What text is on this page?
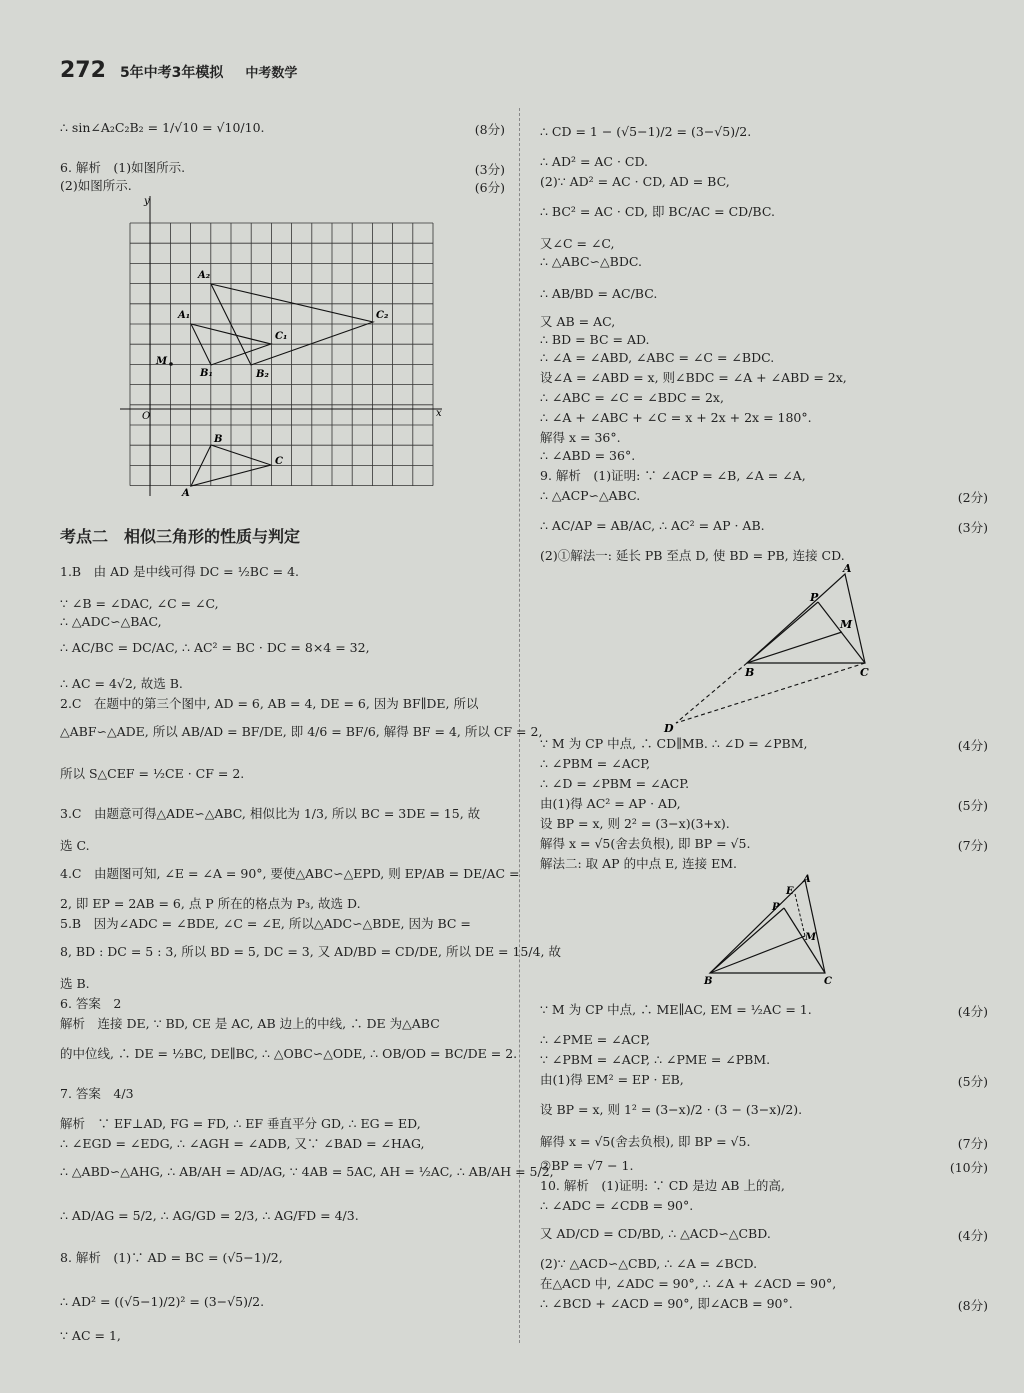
272 5年中考3年模拟 中考数学
∴ sin∠A₂C₂B₂ = 1/√10 = √10/10.	(8分)
6. 解析　(1)如图所示.	(3分)
(2)如图所示.	(6分)
1.B　由 AD 是中线可得 DC = ½BC = 4.
∵ ∠B = ∠DAC, ∠C = ∠C,
∴ △ADC∽△BAC,
∴ AC/BC = DC/AC, ∴ AC² = BC · DC = 8×4 = 32,
∴ AC = 4√2, 故选 B.
2.C　在题中的第三个图中, AD = 6, AB = 4, DE = 6, 因为 BF∥DE, 所以
△ABF∽△ADE, 所以 AB/AD = BF/DE, 即 4/6 = BF/6, 解得 BF = 4, 所以 CF = 2,
所以 S△CEF = ½CE · CF = 2.
3.C　由题意可得△ADE∽△ABC, 相似比为 1/3, 所以 BC = 3DE = 15, 故
选 C.
4.C　由题图可知, ∠E = ∠A = 90°, 要使△ABC∽△EPD, 则 EP/AB = DE/AC =
2, 即 EP = 2AB = 6, 点 P 所在的格点为 P₃, 故选 D.
5.B　因为∠ADC = ∠BDE, ∠C = ∠E, 所以△ADC∽△BDE, 因为 BC =
8, BD : DC = 5 : 3, 所以 BD = 5, DC = 3, 又 AD/BD = CD/DE, 所以 DE = 15/4, 故
选 B.
6. 答案　2
解析　连接 DE, ∵ BD, CE 是 AC, AB 边上的中线, ∴ DE 为△ABC
的中位线, ∴ DE = ½BC, DE∥BC, ∴ △OBC∽△ODE, ∴ OB/OD = BC/DE = 2.
7. 答案　4/3
解析　∵ EF⊥AD, FG = FD, ∴ EF 垂直平分 GD, ∴ EG = ED,
∴ ∠EGD = ∠EDG, ∴ ∠AGH = ∠ADB, 又∵ ∠BAD = ∠HAG,
∴ △ABD∽△AHG, ∴ AB/AH = AD/AG, ∵ 4AB = 5AC, AH = ½AC, ∴ AB/AH = 5/2,
∴ AD/AG = 5/2, ∴ AG/GD = 2/3, ∴ AG/FD = 4/3.
8. 解析　(1)∵ AD = BC = (√5−1)/2,
∴ AD² = ((√5−1)/2)² = (3−√5)/2.
∵ AC = 1,
∴ CD = 1 − (√5−1)/2 = (3−√5)/2.
∴ AD² = AC · CD.
(2)∵ AD² = AC · CD, AD = BC,
∴ BC² = AC · CD, 即 BC/AC = CD/BC.
又∠C = ∠C,
∴ △ABC∽△BDC.
∴ AB/BD = AC/BC.
又 AB = AC,
∴ BD = BC = AD.
∴ ∠A = ∠ABD, ∠ABC = ∠C = ∠BDC.
设∠A = ∠ABD = x, 则∠BDC = ∠A + ∠ABD = 2x,
∴ ∠ABC = ∠C = ∠BDC = 2x,
∴ ∠A + ∠ABC + ∠C = x + 2x + 2x = 180°.
解得 x = 36°.
∴ ∠ABD = 36°.
9. 解析　(1)证明: ∵ ∠ACP = ∠B, ∠A = ∠A,
∴ △ACP∽△ABC.	(2分)
∴ AC/AP = AB/AC, ∴ AC² = AP · AB.	(3分)
(2)①解法一: 延长 PB 至点 D, 使 BD = PB, 连接 CD.
∵ M 为 CP 中点, ∴ CD∥MB. ∴ ∠D = ∠PBM,	(4分)
∴ ∠PBM = ∠ACP,
∴ ∠D = ∠PBM = ∠ACP.
由(1)得 AC² = AP · AD,	(5分)
设 BP = x, 则 2² = (3−x)(3+x).
解得 x = √5(舍去负根), 即 BP = √5.	(7分)
解法二: 取 AP 的中点 E, 连接 EM.
∵ M 为 CP 中点, ∴ ME∥AC, EM = ½AC = 1.	(4分)
∴ ∠PME = ∠ACP,
∵ ∠PBM = ∠ACP, ∴ ∠PME = ∠PBM.
由(1)得 EM² = EP · EB,	(5分)
设 BP = x, 则 1² = (3−x)/2 · (3 − (3−x)/2).
解得 x = √5(舍去负根), 即 BP = √5.	(7分)
②BP = √7 − 1.	(10分)
10. 解析　(1)证明: ∵ CD 是边 AB 上的高,
∴ ∠ADC = ∠CDB = 90°.
又 AD/CD = CD/BD, ∴ △ACD∽△CBD.	(4分)
(2)∵ △ACD∽△CBD, ∴ ∠A = ∠BCD.
在△ACD 中, ∠ADC = 90°, ∴ ∠A + ∠ACD = 90°,
∴ ∠BCD + ∠ACD = 90°, 即∠ACB = 90°.	(8分)
考点二　相似三角形的性质与判定
y
x
O
M
A₂
C₂
A₁
C₁
B₁	B₂
B
C
A
A
P
M
B	C
D
E
A
P
M
B	C
